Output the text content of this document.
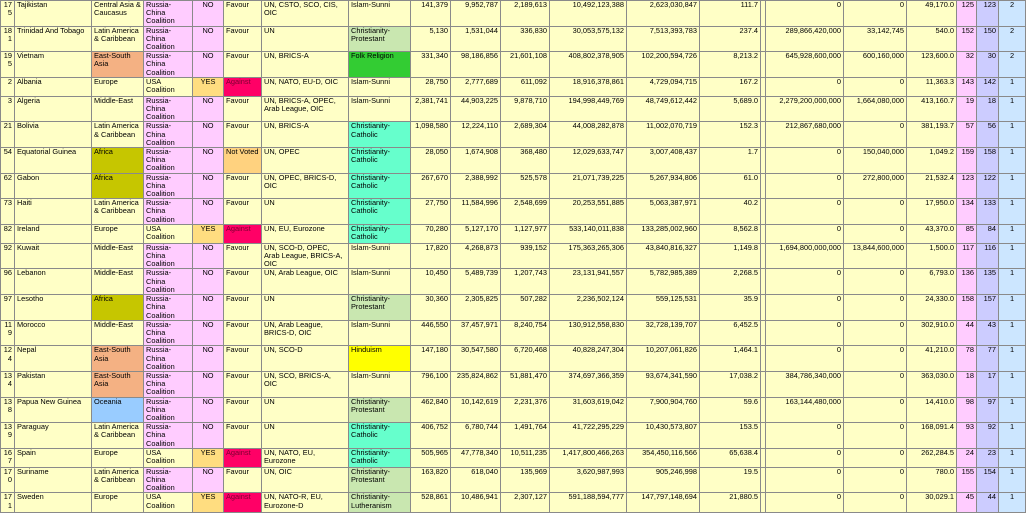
175	Tajikistan	Central Asia & Caucasus	Russia-China Coalition	NO	Favour	UN, CSTO, SCO, CIS, OIC	Islam-Sunni	141,379	9,952,787	2,189,613	10,492,123,388	2,623,030,847	111.7		0	0	49,170.0	125	123	2
181	Trinidad And Tobago	Latin America & Caribbean	Russia-China Coalition	NO	Favour	UN	Christianity-Protestant	5,130	1,531,044	336,830	30,053,575,132	7,513,393,783	237.4		289,866,420,000	33,142,745	540.0	152	150	2
195	Vietnam	East-South Asia	Russia-China Coalition	NO	Favour	UN, BRICS-A	Folk Religion	331,340	98,186,856	21,601,108	408,802,378,905	102,200,594,726	8,213.2		645,928,600,000	600,160,000	123,600.0	32	30	2
2	Albania	Europe	USA Coalition	YES	Against	UN, NATO, EU-D, OIC	Islam-Sunni	28,750	2,777,689	611,092	18,916,378,861	4,729,094,715	167.2		0	0	11,363.3	143	142	1
3	Algeria	Middle-East	Russia-China Coalition	NO	Favour	UN, BRICS-A, OPEC, Arab League, OIC	Islam-Sunni	2,381,741	44,903,225	9,878,710	194,998,449,769	48,749,612,442	5,689.0		2,279,200,000,000	1,664,080,000	413,160.7	19	18	1
21	Bolivia	Latin America & Caribbean	Russia-China Coalition	NO	Favour	UN, BRICS-A	Christianity-Catholic	1,098,580	12,224,110	2,689,304	44,008,282,878	11,002,070,719	152.3		212,867,680,000	0	381,193.7	57	56	1
54	Equatorial Guinea	Africa	Russia-China Coalition	NO	Not Voted	UN, OPEC	Christianity-Catholic	28,050	1,674,908	368,480	12,029,633,747	3,007,408,437	1.7		0	150,040,000	1,049.2	159	158	1
62	Gabon	Africa	Russia-China Coalition	NO	Favour	UN, OPEC, BRICS-D, OIC	Christianity-Catholic	267,670	2,388,992	525,578	21,071,739,225	5,267,934,806	61.0		0	272,800,000	21,532.4	123	122	1
73	Haiti	Latin America & Caribbean	Russia-China Coalition	NO	Favour	UN	Christianity-Catholic	27,750	11,584,996	2,548,699	20,253,551,885	5,063,387,971	40.2		0	0	17,950.0	134	133	1
82	Ireland	Europe	USA Coalition	YES	Against	UN, EU, Eurozone	Christianity-Catholic	70,280	5,127,170	1,127,977	533,140,011,838	133,285,002,960	8,562.8		0	0	43,370.0	85	84	1
92	Kuwait	Middle-East	Russia-China Coalition	NO	Favour	UN, SCO-D, OPEC, Arab League, BRICS-A, OIC	Islam-Sunni	17,820	4,268,873	939,152	175,363,265,306	43,840,816,327	1,149.8		1,694,800,000,000	13,844,600,000	1,500.0	117	116	1
96	Lebanon	Middle-East	Russia-China Coalition	NO	Favour	UN, Arab League, OIC	Islam-Sunni	10,450	5,489,739	1,207,743	23,131,941,557	5,782,985,389	2,268.5		0	0	6,793.0	136	135	1
97	Lesotho	Africa	Russia-China Coalition	NO	Favour	UN	Christianity-Protestant	30,360	2,305,825	507,282	2,236,502,124	559,125,531	35.9		0	0	24,330.0	158	157	1
119	Morocco	Middle-East	Russia-China Coalition	NO	Favour	UN, Arab League, BRICS-D, OIC	Islam-Sunni	446,550	37,457,971	8,240,754	130,912,558,830	32,728,139,707	6,452.5		0	0	302,910.0	44	43	1
124	Nepal	East-South Asia	Russia-China Coalition	NO	Favour	UN, SCO-D	Hinduism	147,180	30,547,580	6,720,468	40,828,247,304	10,207,061,826	1,464.1		0	0	41,210.0	78	77	1
134	Pakistan	East-South Asia	Russia-China Coalition	NO	Favour	UN, SCO, BRICS-A, OIC	Islam-Sunni	796,100	235,824,862	51,881,470	374,697,366,359	93,674,341,590	17,038.2		384,786,340,000	0	363,030.0	18	17	1
138	Papua New Guinea	Oceania	Russia-China Coalition	NO	Favour	UN	Christianity-Protestant	462,840	10,142,619	2,231,376	31,603,619,042	7,900,904,760	59.6		163,144,480,000	0	14,410.0	98	97	1
139	Paraguay	Latin America & Caribbean	Russia-China Coalition	NO	Favour	UN	Christianity-Catholic	406,752	6,780,744	1,491,764	41,722,295,229	10,430,573,807	153.5		0	0	168,091.4	93	92	1
167	Spain	Europe	USA Coalition	YES	Against	UN, NATO, EU, Eurozone	Christianity-Catholic	505,965	47,778,340	10,511,235	1,417,800,466,263	354,450,116,566	65,638.4		0	0	262,284.5	24	23	1
170	Suriname	Latin America & Caribbean	Russia-China Coalition	NO	Favour	UN, OIC	Christianity-Protestant	163,820	618,040	135,969	3,620,987,993	905,246,998	19.5		0	0	780.0	155	154	1
171	Sweden	Europe	USA Coalition	YES	Against	UN, NATO-R, EU, Eurozone-D	Christianity-Lutheranism	528,861	10,486,941	2,307,127	591,188,594,777	147,797,148,694	21,880.5		0	0	30,029.1	45	44	1
